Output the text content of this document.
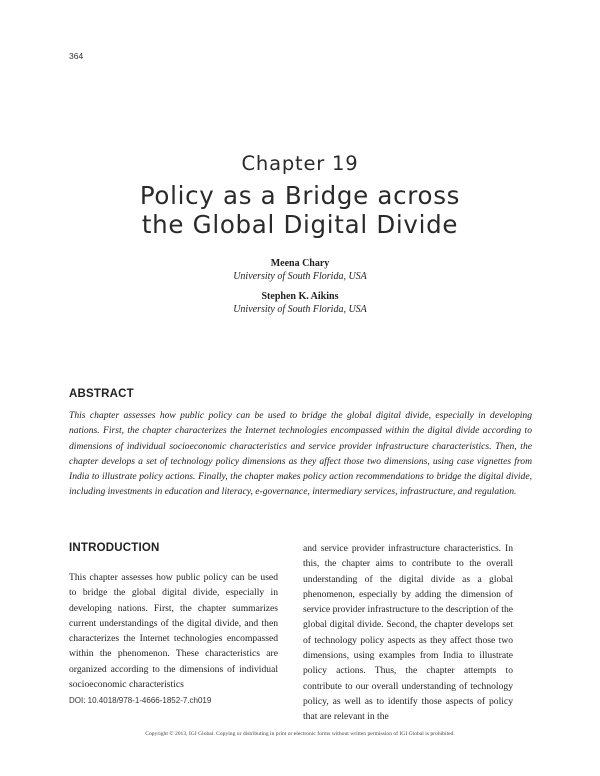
364
Chapter 19
Policy as a Bridge across
the Global Digital Divide
Meena Chary
University of South Florida, USA
Stephen K. Aikins
University of South Florida, USA
ABSTRACT
This chapter assesses how public policy can be used to bridge the global digital divide, especially in developing nations. First, the chapter characterizes the Internet technologies encompassed within the digital divide according to dimensions of individual socioeconomic characteristics and service provider infrastructure characteristics. Then, the chapter develops a set of technology policy dimensions as they affect those two dimensions, using case vignettes from India to illustrate policy actions. Finally, the chapter makes policy action recommendations to bridge the digital divide, including investments in education and literacy, e-governance, intermediary services, infrastructure, and regulation.
INTRODUCTION
This chapter assesses how public policy can be used to bridge the global digital divide, especially in developing nations. First, the chapter summarizes current understandings of the digital divide, and then characterizes the Internet technologies encompassed within the phenomenon. These characteristics are organized according to the dimensions of individual socioeconomic characteristics
and service provider infrastructure characteristics. In this, the chapter aims to contribute to the overall understanding of the digital divide as a global phenomenon, especially by adding the dimension of service provider infrastructure to the description of the global digital divide. Second, the chapter develops set of technology policy aspects as they affect those two dimensions, using examples from India to illustrate policy actions. Thus, the chapter attempts to contribute to our overall understanding of technology policy, as well as to identify those aspects of policy that are relevant in the
DOI: 10.4018/978-1-4666-1852-7.ch019
Copyright © 2013, IGI Global. Copying or distributing in print or electronic forms without written permission of IGI Global is prohibited.
